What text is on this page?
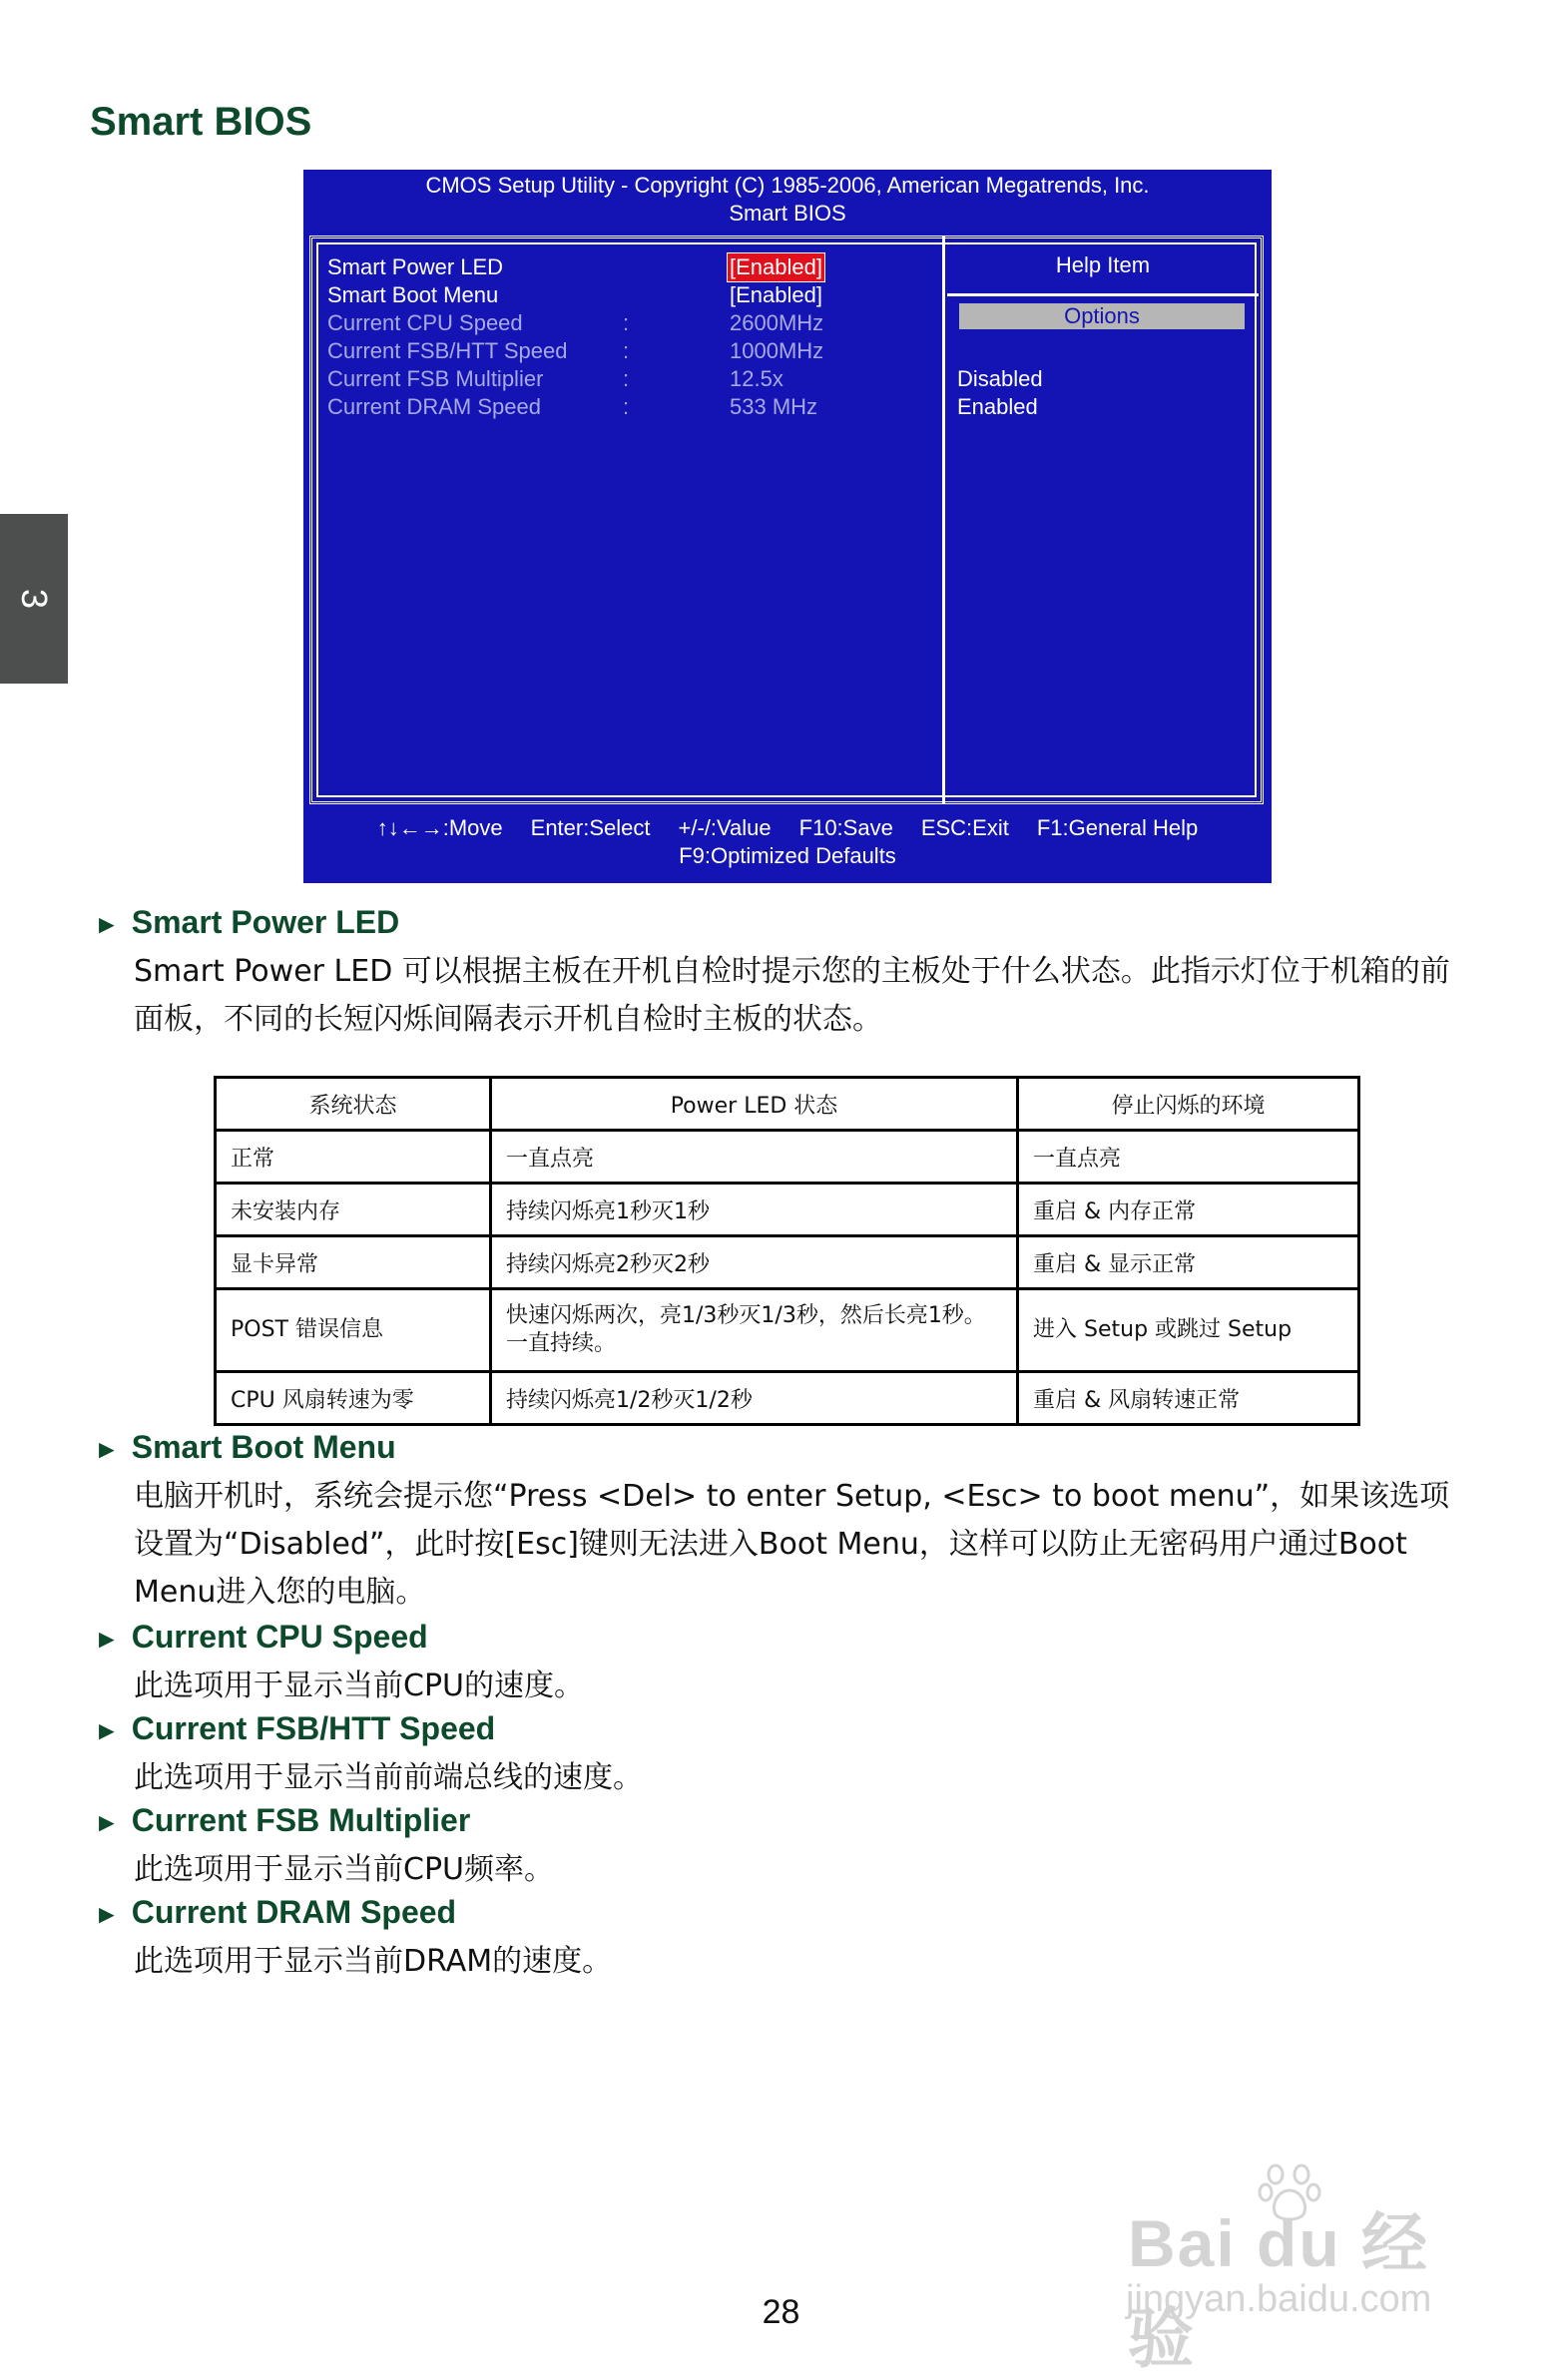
Smart BIOS
3
CMOS Setup Utility - Copyright (C) 1985-2006, American Megatrends, Inc.
Smart BIOS
Smart Power LED	[Enabled]
Smart Boot Menu	[Enabled]
Current CPU Speed	:	2600MHz
Current FSB/HTT Speed	:	1000MHz
Current FSB Multiplier	:	12.5x
Current DRAM Speed	:	533 MHz
Help Item
Options
Disabled
Enabled
↑↓←→:Move Enter:Select +/-/:Value F10:Save ESC:Exit F1:General Help
F9:Optimized Defaults
► Smart Power LED
Smart Power LED 可以根据主板在开机自检时提示您的主板处于什么状态。此指示灯位于机箱的前面板，不同的长短闪烁间隔表示开机自检时主板的状态。
系统状态	Power LED 状态	停止闪烁的环境
正常	一直点亮	一直点亮
未安装内存	持续闪烁亮1秒灭1秒	重启 & 内存正常
显卡异常	持续闪烁亮2秒灭2秒	重启 & 显示正常
POST 错误信息	快速闪烁两次，亮1/3秒灭1/3秒，然后长亮1秒。一直持续。	进入 Setup 或跳过 Setup
CPU 风扇转速为零	持续闪烁亮1/2秒灭1/2秒	重启 & 风扇转速正常
► Smart Boot Menu
电脑开机时，系统会提示您“Press <Del> to enter Setup, <Esc> to boot menu”，如果该选项设置为“Disabled”，此时按[Esc]键则无法进入Boot Menu，这样可以防止无密码用户通过Boot Menu进入您的电脑。
► Current CPU Speed
此选项用于显示当前CPU的速度。
► Current FSB/HTT Speed
此选项用于显示当前前端总线的速度。
► Current FSB Multiplier
此选项用于显示当前CPU频率。
► Current DRAM Speed
此选项用于显示当前DRAM的速度。
Bai du 经验
jingyan.baidu.com
28
